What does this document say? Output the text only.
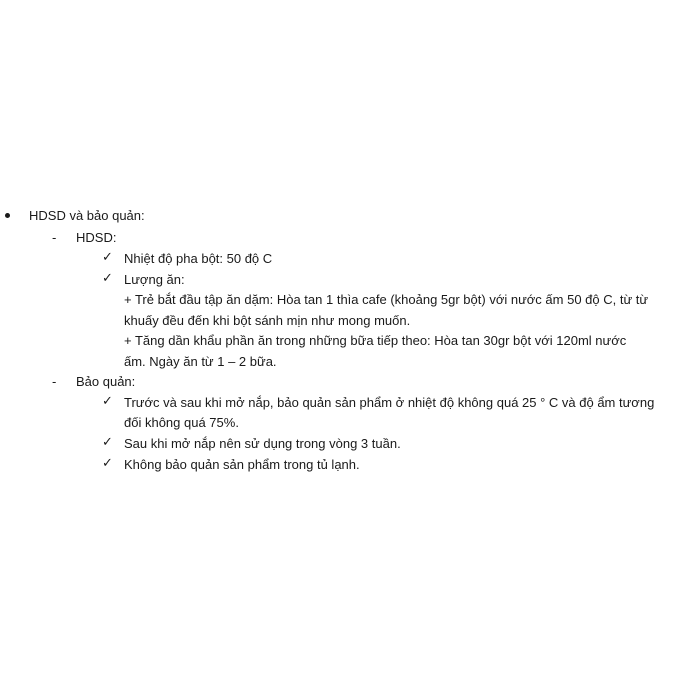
HDSD và bảo quản:
- HDSD:
✓ Nhiệt độ pha bột: 50 độ C
✓ Lượng ăn:
+ Trẻ bắt đầu tập ăn dặm: Hòa tan 1 thìa cafe (khoảng 5gr bột) với nước ấm 50 độ C, từ từ
khuấy đều đến khi bột sánh mịn như mong muốn.
+ Tăng dần khẩu phần ăn trong những bữa tiếp theo: Hòa tan 30gr bột với 120ml nước
ấm. Ngày ăn từ 1 – 2 bữa.
- Bảo quản:
✓ Trước và sau khi mở nắp, bảo quản sản phẩm ở nhiệt độ không quá 25 ° C và độ ẩm tương
đối không quá 75%.
✓ Sau khi mở nắp nên sử dụng trong vòng 3 tuần.
✓ Không bảo quản sản phẩm trong tủ lạnh.
